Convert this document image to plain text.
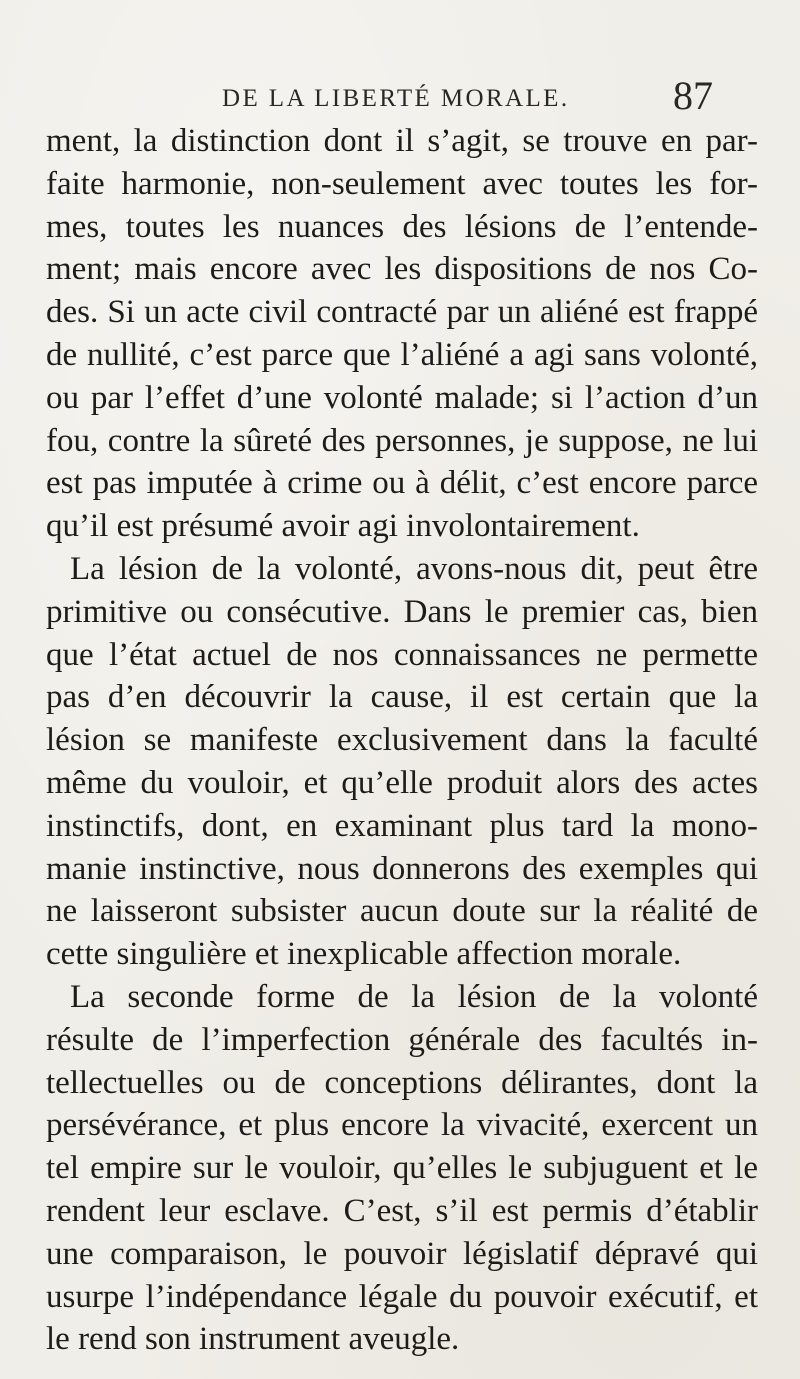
DE LA LIBERTÉ MORALE.	87
ment, la distinction dont il s’agit, se trouve en par-
faite harmonie, non-seulement avec toutes les for-
mes, toutes les nuances des lésions de l’entende-
ment; mais encore avec les dispositions de nos Co-
des. Si un acte civil contracté par un aliéné est frappé
de nullité, c’est parce que l’aliéné a agi sans volonté,
ou par l’effet d’une volonté malade; si l’action d’un
fou, contre la sûreté des personnes, je suppose, ne lui
est pas imputée à crime ou à délit, c’est encore parce
qu’il est présumé avoir agi involontairement.
La lésion de la volonté, avons-nous dit, peut être
primitive ou consécutive. Dans le premier cas, bien
que l’état actuel de nos connaissances ne permette
pas d’en découvrir la cause, il est certain que la
lésion se manifeste exclusivement dans la faculté
même du vouloir, et qu’elle produit alors des actes
instinctifs, dont, en examinant plus tard la mono-
manie instinctive, nous donnerons des exemples qui
ne laisseront subsister aucun doute sur la réalité de
cette singulière et inexplicable affection morale.
La seconde forme de la lésion de la volonté
résulte de l’imperfection générale des facultés in-
tellectuelles ou de conceptions délirantes, dont la
persévérance, et plus encore la vivacité, exercent un
tel empire sur le vouloir, qu’elles le subjuguent et le
rendent leur esclave. C’est, s’il est permis d’établir
une comparaison, le pouvoir législatif dépravé qui
usurpe l’indépendance légale du pouvoir exécutif, et
le rend son instrument aveugle.
